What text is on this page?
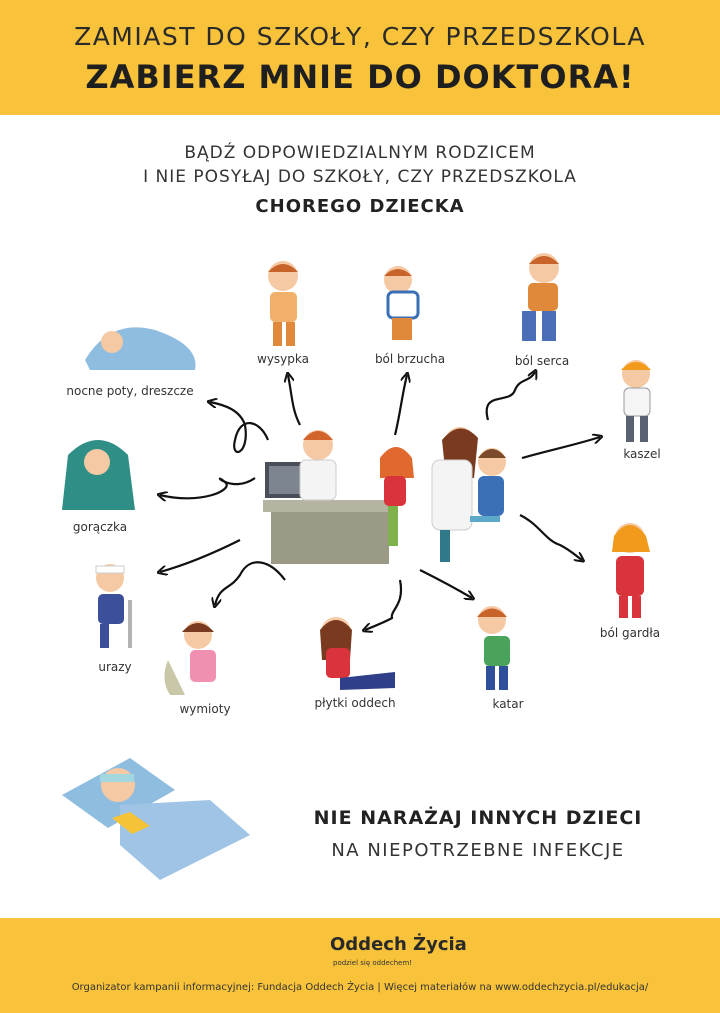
ZAMIAST DO SZKOŁY, CZY PRZEDSZKOLA
ZABIERZ MNIE DO DOKTORA!
BĄDŹ ODPOWIEDZIALNYM RODZICEM
I NIE POSYŁAJ DO SZKOŁY, CZY PRZEDSZKOLA
CHOREGO DZIECKA
nocne poty, dreszcze
wysypka	ból brzucha	ból serca
kaszel
gorączka
ból gardła
urazy
wymioty	płytki oddech	katar
NIE NARAŻAJ INNYCH DZIECI
NA NIEPOTRZEBNE INFEKCJE
Oddech Życia
podziel się oddechem!
Organizator kampanii informacyjnej: Fundacja Oddech Życia | Więcej materiałów na www.oddechzycia.pl/edukacja/
